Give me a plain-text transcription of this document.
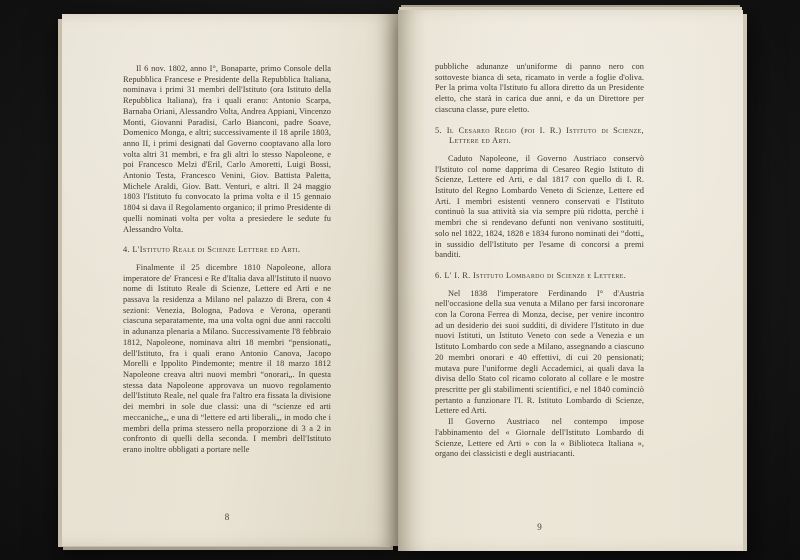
Il 6 nov. 1802, anno I°, Bonaparte, primo Console della Repubblica Francese e Presidente della Repubblica Italiana, nominava i primi 31 membri dell'Istituto (ora Istituto della Repubblica Italiana), fra i quali erano: Antonio Scarpa, Barnaba Oriani, Alessandro Volta, Andrea Appiani, Vincenzo Monti, Giovanni Paradisi, Carlo Bianconi, padre Soave, Domenico Monga, e altri; successivamente il 18 aprile 1803, anno II, i primi designati dal Governo cooptavano alla loro volta altri 31 membri, e fra gli altri lo stesso Napoleone, e poi Francesco Melzi d'Eril, Carlo Amoretti, Luigi Bossi, Antonio Testa, Francesco Venini, Giov. Battista Paletta, Michele Araldi, Giov. Batt. Venturi, e altri. Il 24 maggio 1803 l'Istituto fu convocato la prima volta e il 15 gennaio 1804 si dava il Regolamento organico; il primo Presidente di quelli nominati volta per volta a presiedere le sedute fu Alessandro Volta.

4. L'Istituto Reale di Scienze Lettere ed Arti.

Finalmente il 25 dicembre 1810 Napoleone, allora imperatore de' Francesi e Re d'Italia dava all'Istituto il nuovo nome di Istituto Reale di Scienze, Lettere ed Arti e ne passava la residenza a Milano nel palazzo di Brera, con 4 sezioni: Venezia, Bologna, Padova e Verona, operanti ciascuna separatamente, ma una volta ogni due anni raccolti in adunanza plenaria a Milano. Successivamente l'8 febbraio 1812, Napoleone, nominava altri 18 membri “pensionati„ dell'Istituto, fra i quali erano Antonio Canova, Jacopo Morelli e Ippolito Pindemonte; mentre il 18 marzo 1812 Napoleone creava altri nuovi membri “onorari„. In questa stessa data Napoleone approvava un nuovo regolamento dell'Istituto Reale, nel quale fra l'altro era fissata la divisione dei membri in sole due classi: una di “scienze ed arti meccaniche„, e una di “lettere ed arti liberali„, in modo che i membri della prima stessero nella proporzione di 3 a 2 in confronto di quelli della seconda. I membri dell'Istituto erano inoltre obbligati a portare nelle

8

pubbliche adunanze un'uniforme di panno nero con sottoveste bianca di seta, ricamato in verde a foglie d'oliva. Per la prima volta l'Istituto fu allora diretto da un Presidente eletto, che starà in carica due anni, e da un Direttore per ciascuna classe, pure eletto.

5. Il Cesareo Regio (poi I. R.) Istituto di Scienze, Lettere ed Arti.

Caduto Napoleone, il Governo Austriaco conservò l'Istituto col nome dapprima di Cesareo Regio Istituto di Scienze, Lettere ed Arti, e dal 1817 con quello di I. R. Istituto del Regno Lombardo Veneto di Scienze, Lettere ed Arti. I membri esistenti vennero conservati e l'Istituto continuò la sua attività sia via sempre più ridotta, perchè i membri che si rendevano defunti non venivano sostituiti, solo nel 1822, 1824, 1828 e 1834 furono nominati dei “dotti„ in sussidio dell'Istituto per l'esame di concorsi a premi banditi.

6. L' I. R. Istituto Lombardo di Scienze e Lettere.

Nel 1838 l'imperatore Ferdinando I° d'Austria nell'occasione della sua venuta a Milano per farsi incoronare con la Corona Ferrea di Monza, decise, per venire incontro ad un desiderio dei suoi sudditi, di dividere l'Istituto in due nuovi Istituti, un Istituto Veneto con sede a Venezia e un Istituto Lombardo con sede a Milano, assegnando a ciascuno 20 membri onorari e 40 effettivi, di cui 20 pensionati; mutava pure l'uniforme degli Accademici, ai quali dava la divisa dello Stato col ricamo colorato al collare e le mostre prescritte per gli stabilimenti scientifici, e nel 1840 cominciò pertanto a funzionare l'I. R. Istituto Lombardo di Scienze, Lettere ed Arti.

Il Governo Austriaco nel contempo impose l'abbinamento del « Giornale dell'Istituto Lombardo di Scienze, Lettere ed Arti » con la « Biblioteca Italiana », organo dei classicisti e degli austriacanti.

9
